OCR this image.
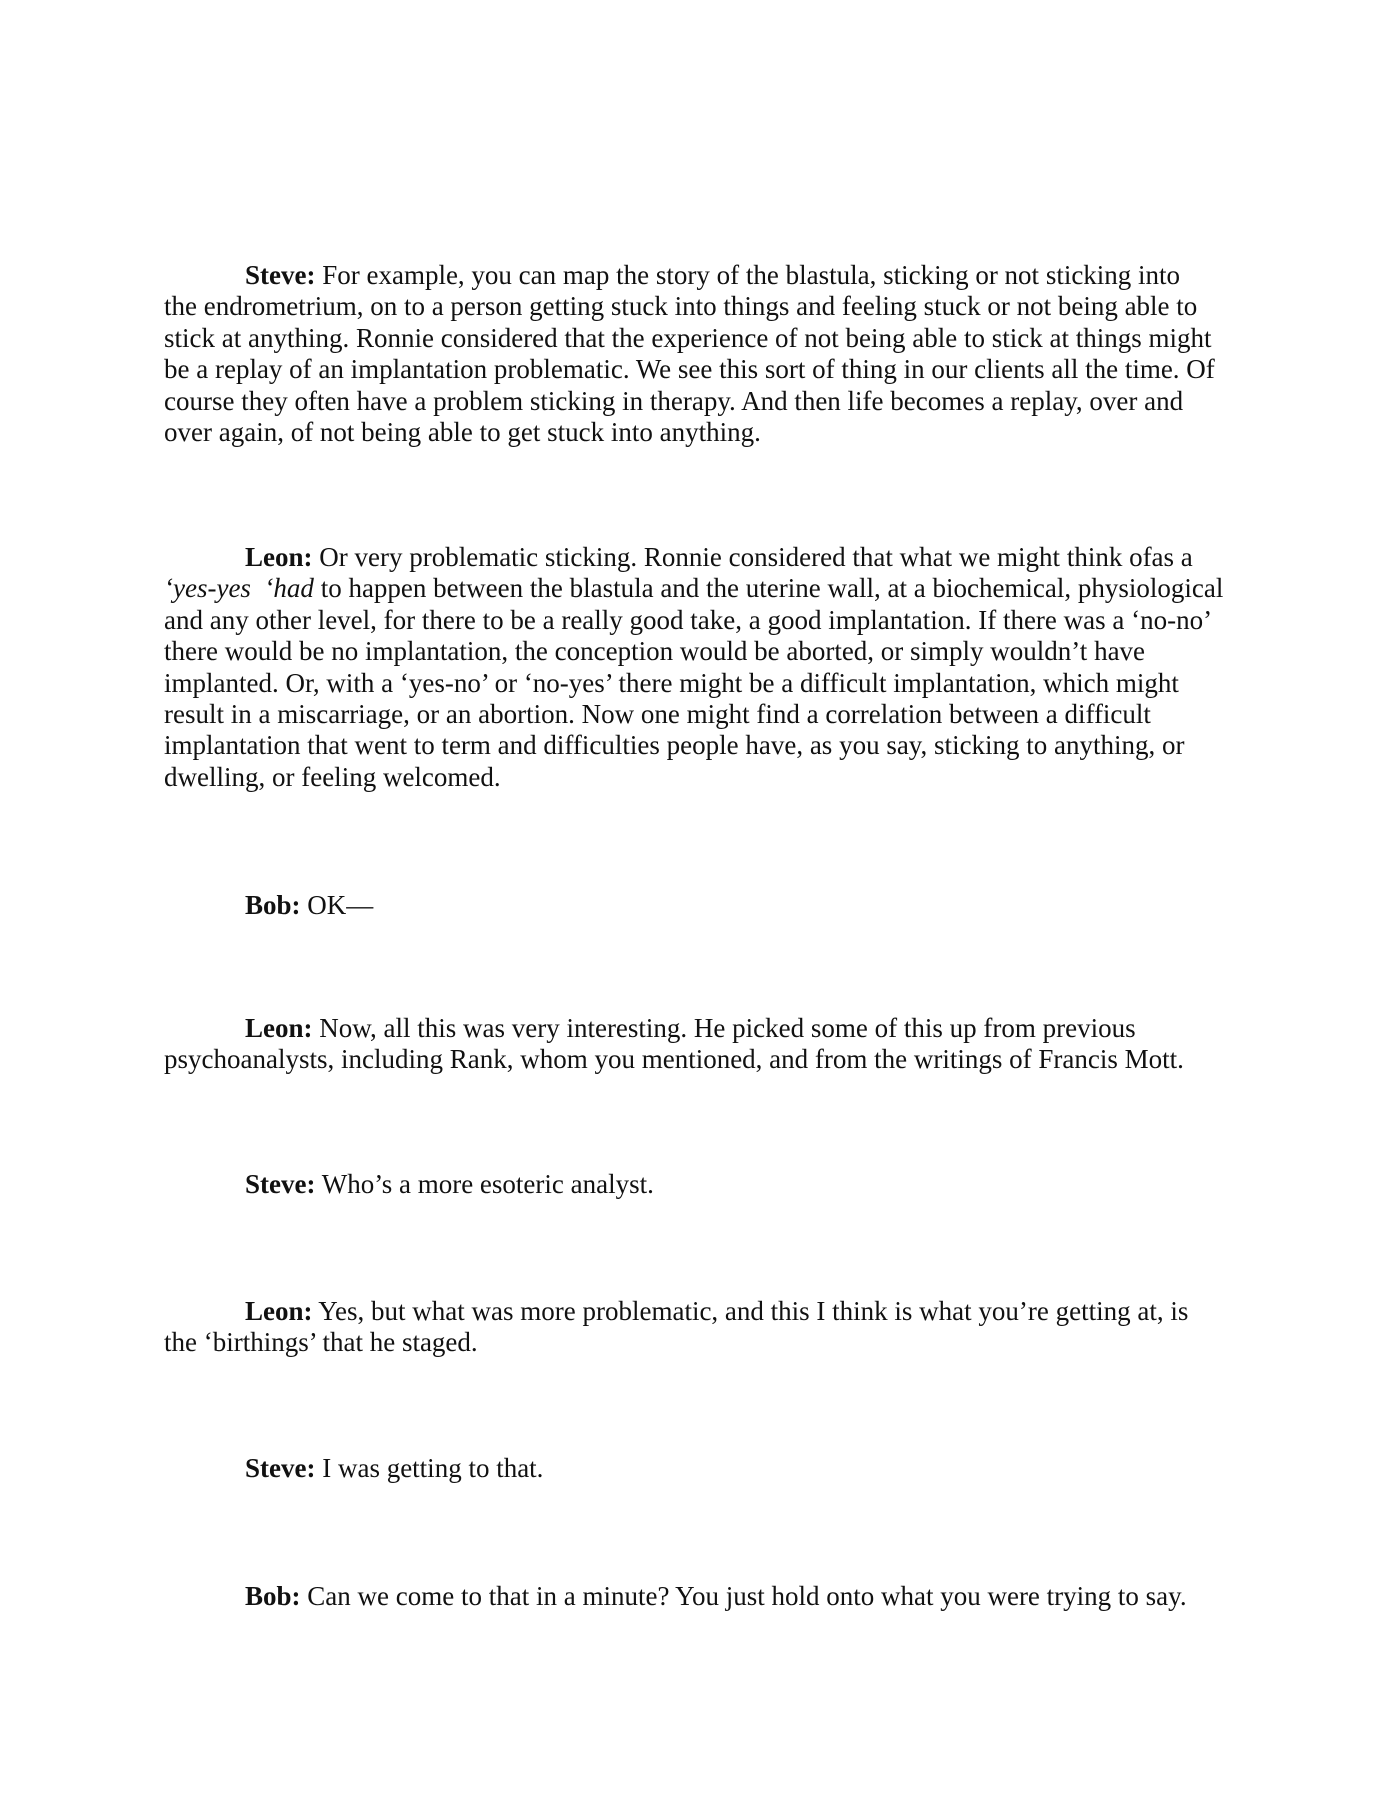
Steve: For example, you can map the story of the blastula, sticking or not sticking into
the endrometrium, on to a person getting stuck into things and feeling stuck or not being able to
stick at anything. Ronnie considered that the experience of not being able to stick at things might
be a replay of an implantation problematic. We see this sort of thing in our clients all the time. Of
course they often have a problem sticking in therapy. And then life becomes a replay, over and
over again, of not being able to get stuck into anything.
Leon: Or very problematic sticking. Ronnie considered that what we might think ofas a
‘yes-yes  ‘had to happen between the blastula and the uterine wall, at a biochemical, physiological
and any other level, for there to be a really good take, a good implantation. If there was a ‘no-no’
there would be no implantation, the conception would be aborted, or simply wouldn’t have
implanted. Or, with a ‘yes-no’ or ‘no-yes’ there might be a difficult implantation, which might
result in a miscarriage, or an abortion. Now one might find a correlation between a difficult
implantation that went to term and difficulties people have, as you say, sticking to anything, or
dwelling, or feeling welcomed.
Bob: OK—
Leon: Now, all this was very interesting. He picked some of this up from previous
psychoanalysts, including Rank, whom you mentioned, and from the writings of Francis Mott.
Steve: Who’s a more esoteric analyst.
Leon: Yes, but what was more problematic, and this I think is what you’re getting at, is
the ‘birthings’ that he staged.
Steve: I was getting to that.
Bob: Can we come to that in a minute? You just hold onto what you were trying to say.
